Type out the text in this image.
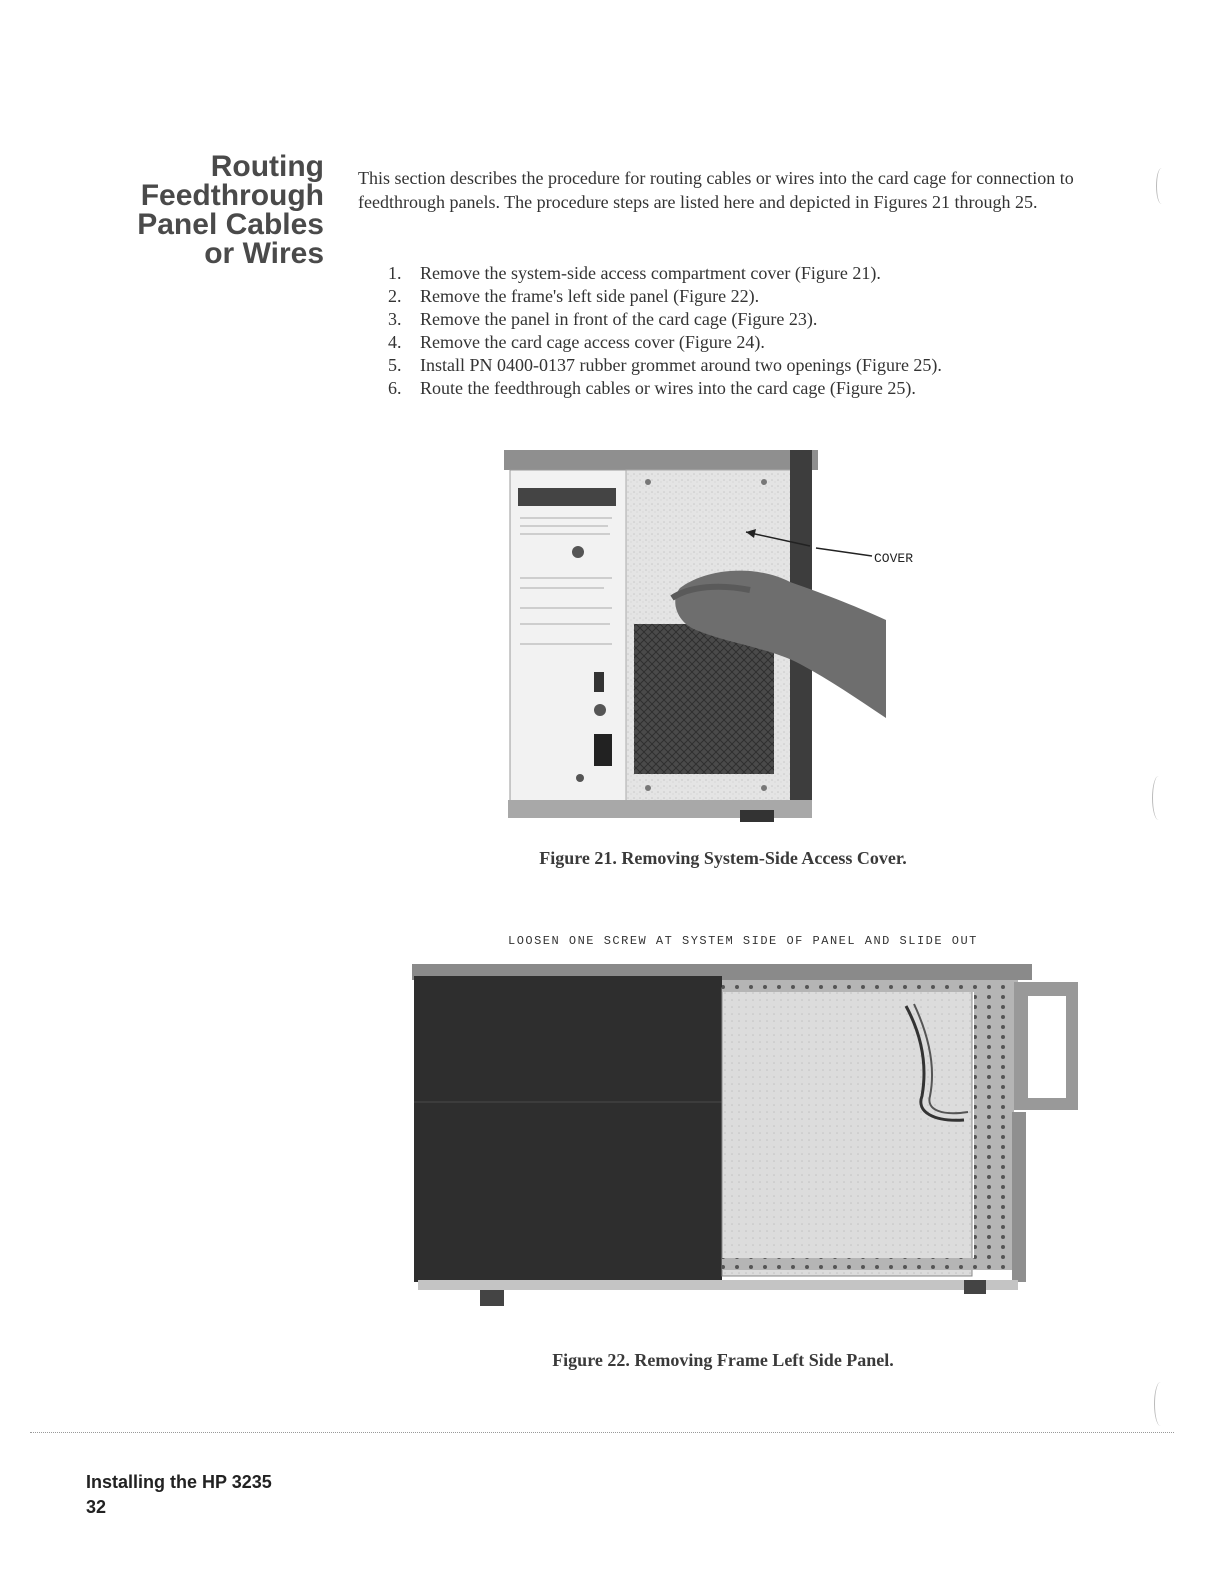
Routing
Feedthrough
Panel Cables
or Wires
This section describes the procedure for routing cables or wires into the card cage for connection to feedthrough panels. The procedure steps are listed here and depicted in Figures 21 through 25.
1.	Remove the system-side access compartment cover (Figure 21).
2.	Remove the frame's left side panel (Figure 22).
3.	Remove the panel in front of the card cage (Figure 23).
4.	Remove the card cage access cover (Figure 24).
5.	Install PN 0400-0137 rubber grommet around two openings (Figure 25).
6.	Route the feedthrough cables or wires into the card cage (Figure 25).
COVER
Figure 21. Removing System-Side Access Cover.
LOOSEN ONE SCREW AT SYSTEM SIDE OF PANEL AND SLIDE OUT
Figure 22. Removing Frame Left Side Panel.
Installing the HP 3235
32
